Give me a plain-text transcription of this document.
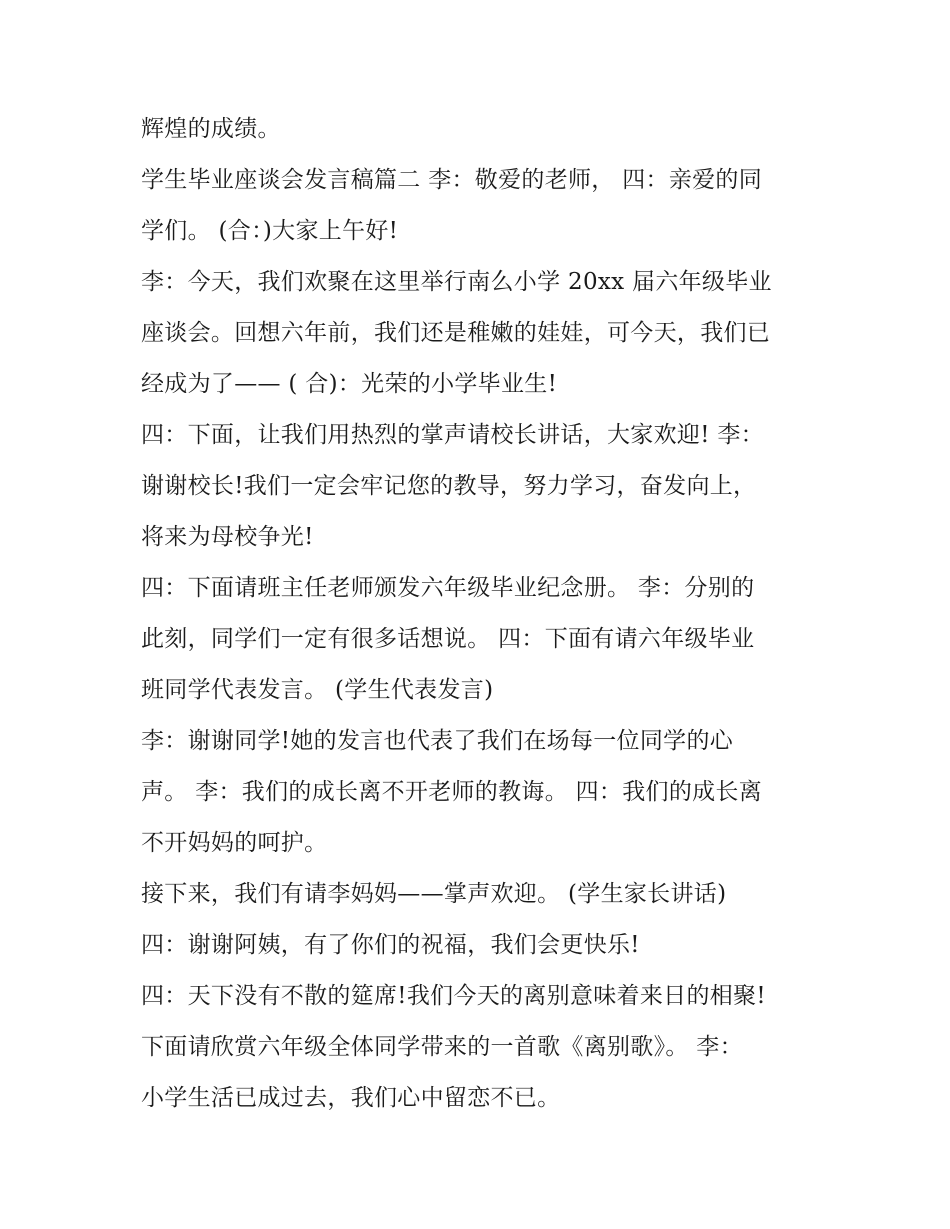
辉煌的成绩。
学生毕业座谈会发言稿篇二 李：敬爱的老师， 四：亲爱的同
学们。 (合：)大家上午好!
李：今天，我们欢聚在这里举行南么小学 20xx 届六年级毕业
座谈会。回想六年前，我们还是稚嫩的娃娃，可今天，我们已
经成为了—— ( 合)：光荣的小学毕业生!
四：下面，让我们用热烈的掌声请校长讲话，大家欢迎! 李：
谢谢校长!我们一定会牢记您的教导，努力学习，奋发向上，
将来为母校争光!
四：下面请班主任老师颁发六年级毕业纪念册。 李：分别的
此刻，同学们一定有很多话想说。 四：下面有请六年级毕业
班同学代表发言。 (学生代表发言)
李：谢谢同学!她的发言也代表了我们在场每一位同学的心
声。 李：我们的成长离不开老师的教诲。 四：我们的成长离
不开妈妈的呵护。
接下来，我们有请李妈妈——掌声欢迎。 (学生家长讲话)
四：谢谢阿姨，有了你们的祝福，我们会更快乐!
四：天下没有不散的筵席!我们今天的离别意味着来日的相聚!
下面请欣赏六年级全体同学带来的一首歌《离别歌》。 李：
小学生活已成过去，我们心中留恋不已。
